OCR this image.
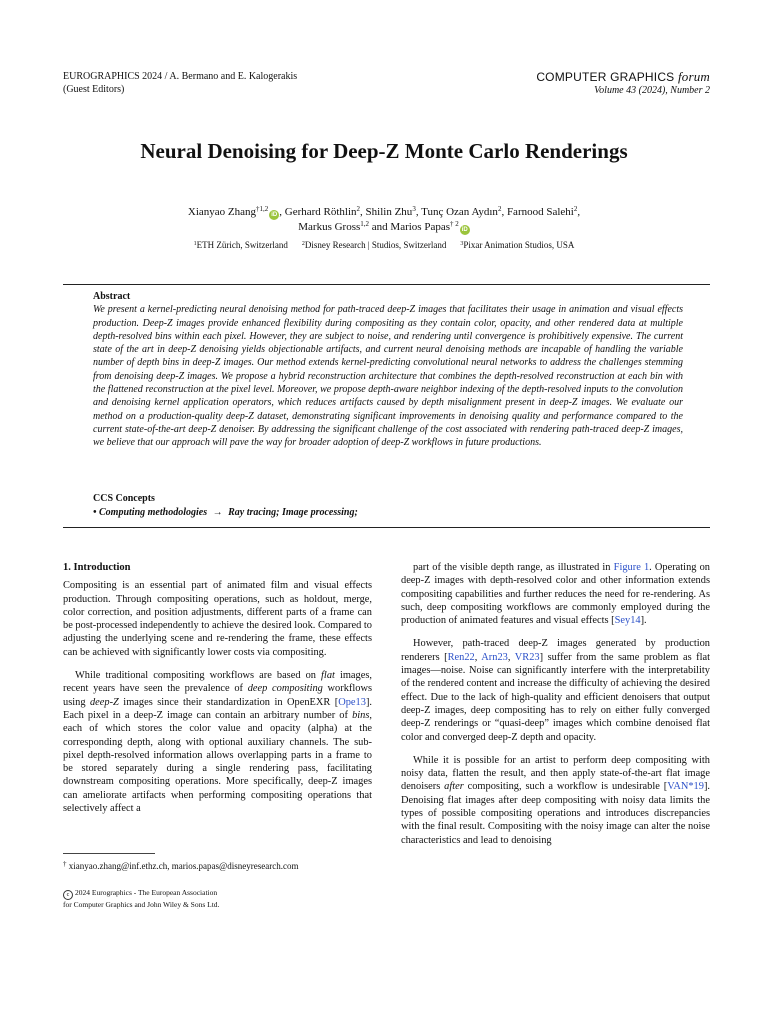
EUROGRAPHICS 2024 / A. Bermano and E. Kalogerakis
(Guest Editors)
COMPUTER GRAPHICS forum
Volume 43 (2024), Number 2
Neural Denoising for Deep-Z Monte Carlo Renderings
Xianyao Zhang$^{\dagger 1,2}$iD , Gerhard Röthlin$^2$, Shilin Zhu$^3$, Tunç Ozan Aydın$^2$, Farnood Salehi$^2$,
Markus Gross$^{1,2}$ and Marios Papas$^{\dagger 2}$iD
$^1$ETH Zürich, Switzerland $^2$Disney Research | Studios, Switzerland $^3$Pixar Animation Studios, USA
Abstract
We present a kernel-predicting neural denoising method for path-traced deep-Z images that facilitates their usage in animation and visual effects production. Deep-Z images provide enhanced flexibility during compositing as they contain color, opacity, and other rendered data at multiple depth-resolved bins within each pixel. However, they are subject to noise, and rendering until convergence is prohibitively expensive. The current state of the art in deep-Z denoising yields objectionable artifacts, and current neural denoising methods are incapable of handling the variable number of depth bins in deep-Z images. Our method extends kernel-predicting convolutional neural networks to address the challenges stemming from denoising deep-Z images. We propose a hybrid reconstruction architecture that combines the depth-resolved reconstruction at each bin with the flattened reconstruction at the pixel level. Moreover, we propose depth-aware neighbor indexing of the depth-resolved inputs to the convolution and denoising kernel application operators, which reduces artifacts caused by depth misalignment present in deep-Z images. We evaluate our method on a production-quality deep-Z dataset, demonstrating significant improvements in denoising quality and performance compared to the current state-of-the-art deep-Z denoiser. By addressing the significant challenge of the cost associated with rendering path-traced deep-Z images, we believe that our approach will pave the way for broader adoption of deep-Z workflows in future productions.
CCS Concepts
• Computing methodologies → Ray tracing; Image processing;
1. Introduction

Compositing is an essential part of animated film and visual effects production. Through compositing operations, such as holdout, merge, color correction, and position adjustments, different parts of a frame can be post-processed independently to achieve the desired look. Compared to adjusting the underlying scene and re-rendering the frame, these effects can be achieved with significantly lower costs via compositing.

While traditional compositing workflows are based on flat images, recent years have seen the prevalence of deep compositing workflows using deep-Z images since their standardization in OpenEXR [Ope13]. Each pixel in a deep-Z image can contain an arbitrary number of bins, each of which stores the color value and opacity (alpha) at the corresponding depth, along with optional auxiliary channels. The sub-pixel depth-resolved information allows overlapping parts in a frame to be stored separately during a single rendering pass, facilitating downstream compositing operations. More specifically, deep-Z images can ameliorate artifacts when performing compositing operations that selectively affect a

part of the visible depth range, as illustrated in Figure 1. Operating on deep-Z images with depth-resolved color and other information extends compositing capabilities and further reduces the need for re-rendering. As such, deep compositing workflows are commonly employed during the production of animated features and visual effects [Sey14].

However, path-traced deep-Z images generated by production renderers [Ren22, Arn23, VR23] suffer from the same problem as flat images—noise. Noise can significantly interfere with the interpretability of the rendered content and increase the difficulty of achieving the desired effect. Due to the lack of high-quality and efficient denoisers that output deep-Z images, deep compositing has to rely on either fully converged deep-Z renderings or “quasi-deep” images which combine denoised flat color and converged deep-Z depth and opacity.

While it is possible for an artist to perform deep compositing with noisy data, flatten the result, and then apply state-of-the-art flat image denoisers after compositing, such a workflow is undesirable [VAN*19]. Denoising flat images after deep compositing with noisy data limits the types of possible compositing operations and introduces discrepancies with the final result. Compositing with the noisy image can alter the noise characteristics and lead to denoising

† xianyao.zhang@inf.ethz.ch, marios.papas@disneyresearch.com
c 2024 Eurographics - The European Association
for Computer Graphics and John Wiley & Sons Ltd.
